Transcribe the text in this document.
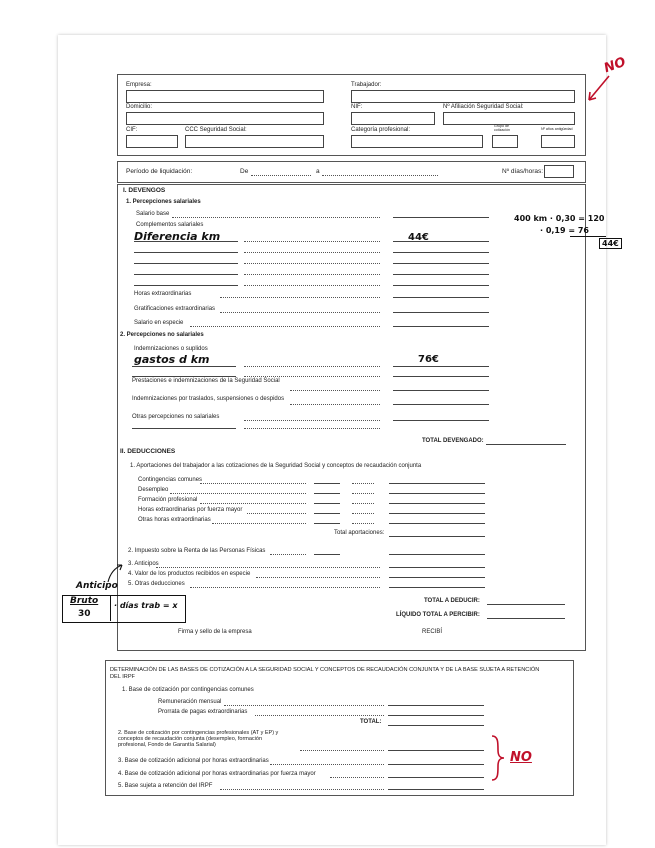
Empresa:	Trabajador:
Domicilio:	NIF:	Nº Afiliación Seguridad Social:
CIF:	CCC Seguridad Social:	Categoría profesional:
Grupo de cotización	Nº años antigüedad
Período de liquidación:	De	a	Nº días/horas:
I. DEVENGOS
1. Percepciones salariales
Salario base
Complementos salariales
Horas extraordinarias
Gratificaciones extraordinarias
Salario en especie
2. Percepciones no salariales
Indemnizaciones o suplidos
Prestaciones e indemnizaciones de la Seguridad Social
Indemnizaciones por traslados, suspensiones o despidos
Otras percepciones no salariales
TOTAL DEVENGADO:
II. DEDUCCIONES
1. Aportaciones del trabajador a las cotizaciones de la Seguridad Social y conceptos de recaudación conjunta
Contingencias comunes
Desempleo
Formación profesional
Horas extraordinarias por fuerza mayor
Otras horas extraordinarias
Total aportaciones:
2. Impuesto sobre la Renta de las Personas Físicas
3. Anticipos
4. Valor de los productos recibidos en especie
5. Otras deducciones
TOTAL A DEDUCIR:
LÍQUIDO TOTAL A PERCIBIR:
Firma y sello de la empresa	RECIBÍ
DETERMINACIÓN DE LAS BASES DE COTIZACIÓN A LA SEGURIDAD SOCIAL Y CONCEPTOS DE RECAUDACIÓN CONJUNTA Y DE LA BASE SUJETA A RETENCIÓN
DEL IRPF
1. Base de cotización por contingencias comunes
Remuneración mensual
Prorrata de pagas extraordinarias
TOTAL:
2. Base de cotización por contingencias profesionales (AT y EP) y
conceptos de recaudación conjunta (desempleo, formación
profesional, Fondo de Garantía Salarial)
3. Base de cotización adicional por horas extraordinarias
4. Base de cotización adicional por horas extraordinarias por fuerza mayor
5. Base sujeta a retención del IRPF
Diferencia km	44€
gastos d km	76€
400 km · 0,30 = 120
· 0,19 = 76
44€
NO
Anticipo
Bruto
30
· días trab = x
NO
